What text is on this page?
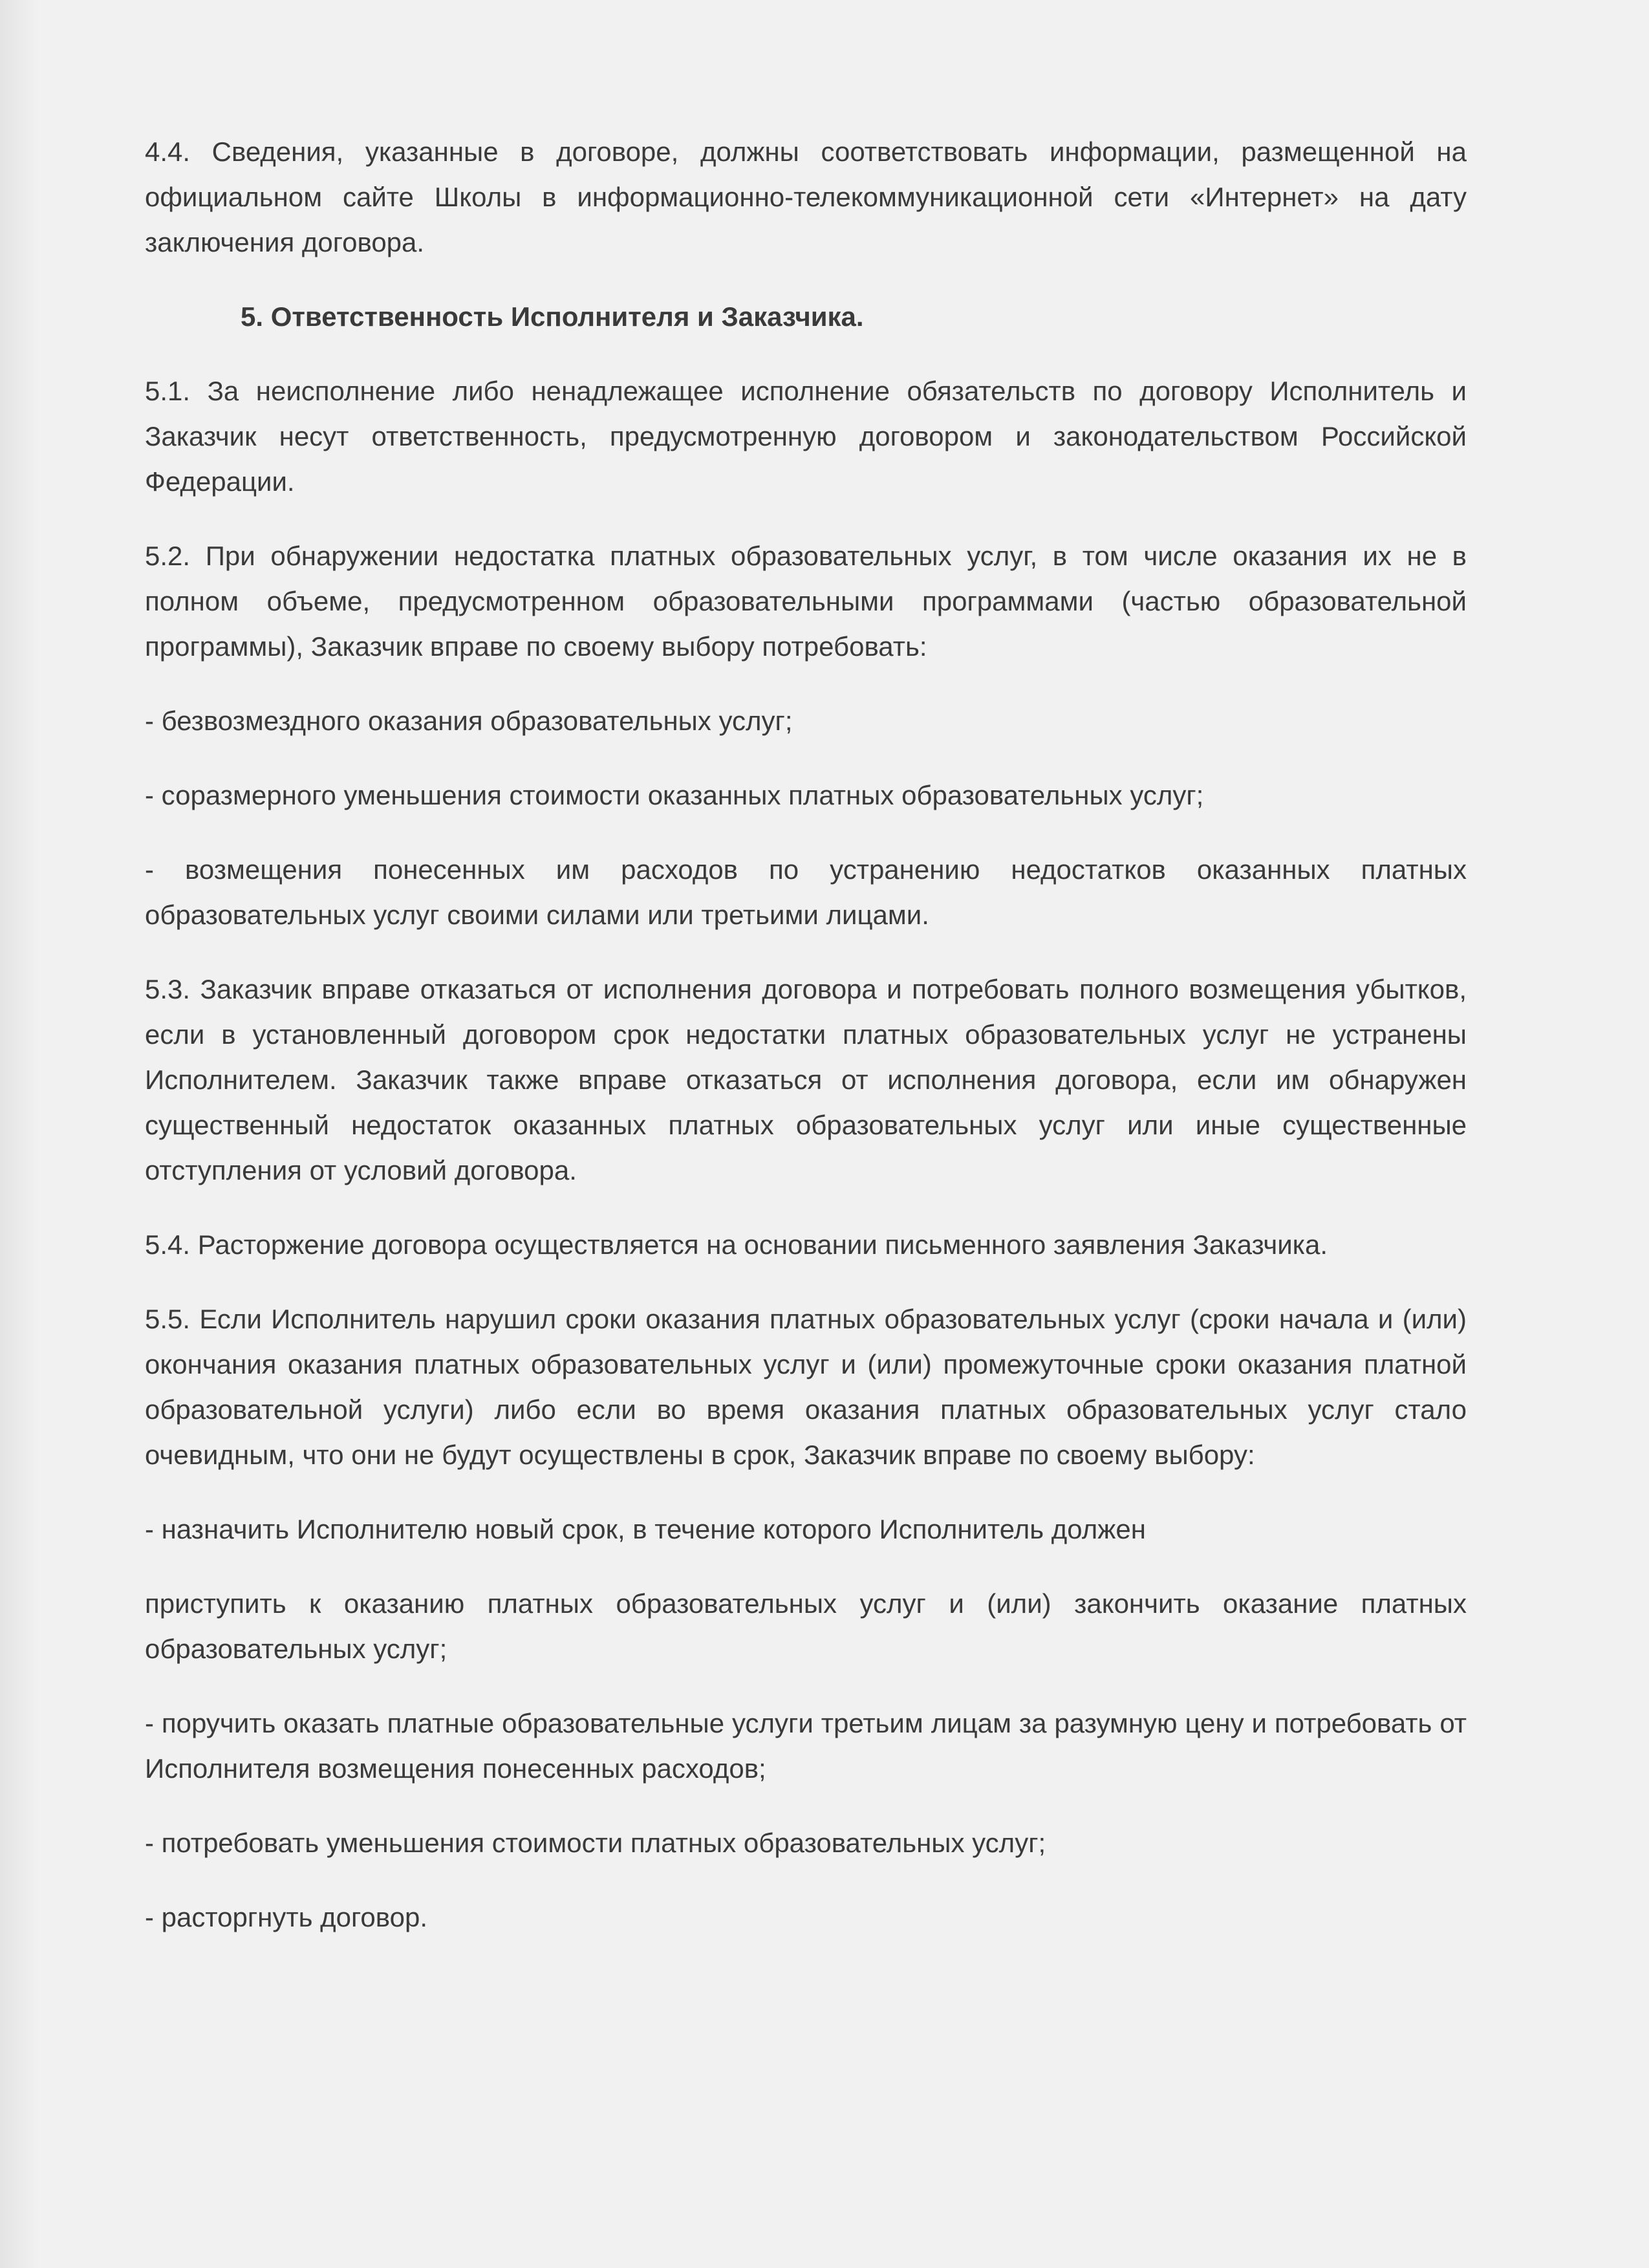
4.4. Сведения, указанные в договоре, должны соответствовать информации, размещенной на официальном сайте Школы в информационно-телекоммуникационной сети «Интернет» на дату заключения договора.

5. Ответственность Исполнителя и Заказчика.

5.1. За неисполнение либо ненадлежащее исполнение обязательств по договору Исполнитель и Заказчик несут ответственность, предусмотренную договором и законодательством Российской Федерации.

5.2. При обнаружении недостатка платных образовательных услуг, в том числе оказания их не в полном объеме, предусмотренном образовательными программами (частью образовательной программы), Заказчик вправе по своему выбору потребовать:

- безвозмездного оказания образовательных услуг;

- соразмерного уменьшения стоимости оказанных платных образовательных услуг;

- возмещения понесенных им расходов по устранению недостатков оказанных платных образовательных услуг своими силами или третьими лицами.

5.3. Заказчик вправе отказаться от исполнения договора и потребовать полного возмещения убытков, если в установленный договором срок недостатки платных образовательных услуг не устранены Исполнителем. Заказчик также вправе отказаться от исполнения договора, если им обнаружен существенный недостаток оказанных платных образовательных услуг или иные существенные отступления от условий договора.

5.4. Расторжение договора осуществляется на основании письменного заявления Заказчика.

5.5. Если Исполнитель нарушил сроки оказания платных образовательных услуг (сроки начала и (или) окончания оказания платных образовательных услуг и (или) промежуточные сроки оказания платной образовательной услуги) либо если во время оказания платных образовательных услуг стало очевидным, что они не будут осуществлены в срок, Заказчик вправе по своему выбору:

- назначить Исполнителю новый срок, в течение которого Исполнитель должен

приступить к оказанию платных образовательных услуг и (или) закончить оказание платных образовательных услуг;

- поручить оказать платные образовательные услуги третьим лицам за разумную цену и потребовать от Исполнителя возмещения понесенных расходов;

- потребовать уменьшения стоимости платных образовательных услуг;

- расторгнуть договор.
